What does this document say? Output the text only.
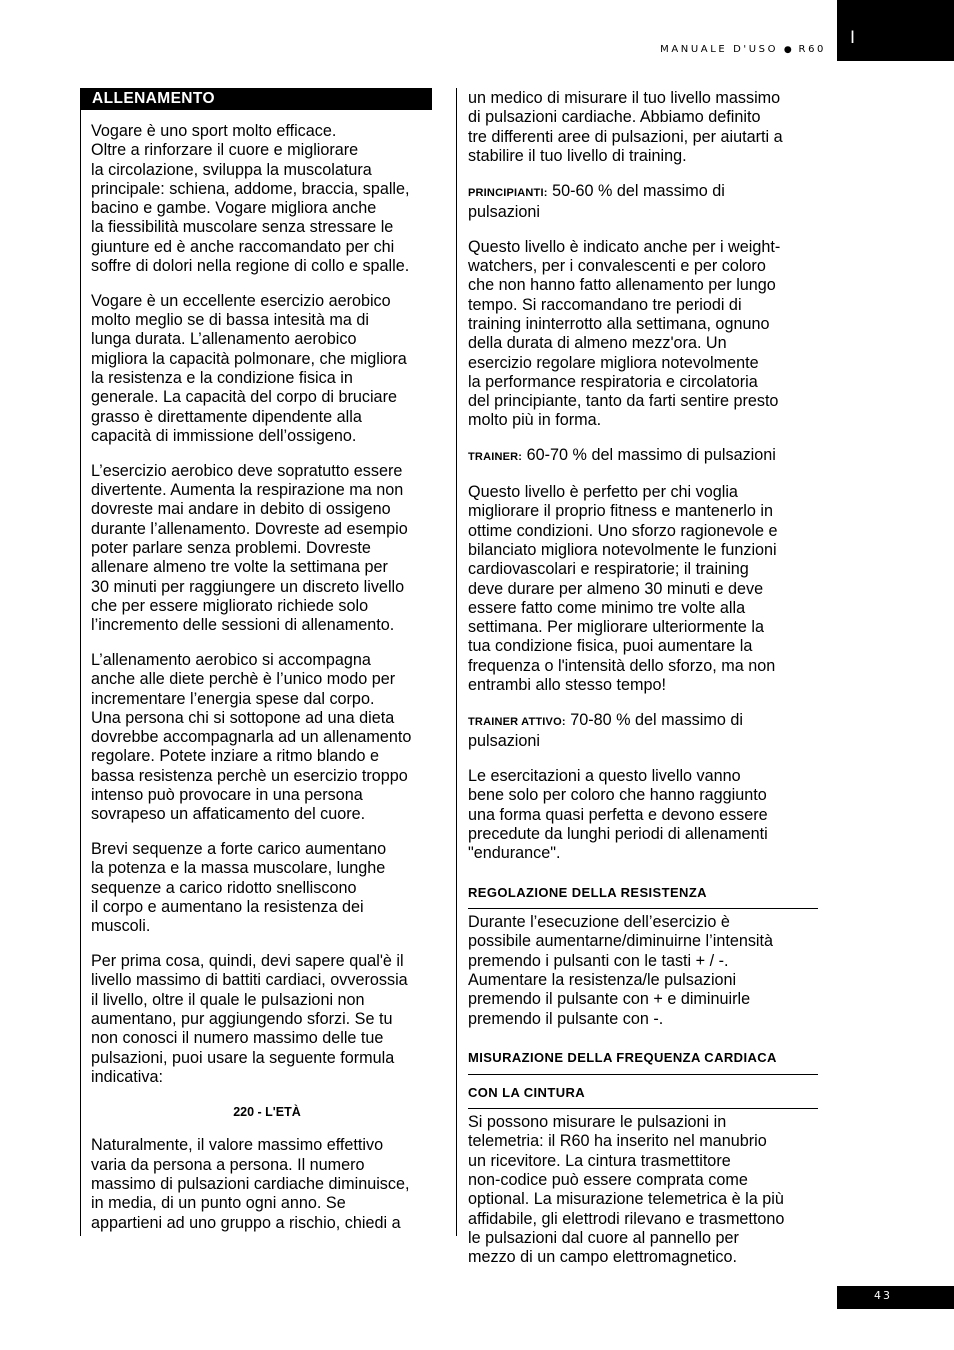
MANUALE D'USO ● R60
I
ALLENAMENTO

Vogare è uno sport molto efficace.
Oltre a rinforzare il cuore e migliorare
la circolazione, sviluppa la muscolatura
principale: schiena, addome, braccia, spalle,
bacino e gambe. Vogare migliora anche
la fiessibilità muscolare senza stressare le
giunture ed è anche raccomandato per chi
soffre di dolori nella regione di collo e spalle.

Vogare è un eccellente esercizio aerobico
molto meglio se di bassa intesità ma di
lunga durata. L’allenamento aerobico
migliora la capacità polmonare, che migliora
la resistenza e la condizione fisica in
generale. La capacità del corpo di bruciare
grasso è direttamente dipendente alla
capacità di immissione dell’ossigeno.

L’esercizio aerobico deve sopratutto essere
divertente. Aumenta la respirazione ma non
dovreste mai andare in debito di ossigeno
durante l’allenamento. Dovreste ad esempio
poter parlare senza problemi. Dovreste
allenare almeno tre volte la settimana per
30 minuti per raggiungere un discreto livello
che per essere migliorato richiede solo
l’incremento delle sessioni di allenamento.

L’allenamento aerobico si accompagna
anche alle diete perchè è l’unico modo per
incrementare l’energia spese dal corpo.
Una persona chi si sottopone ad una dieta
dovrebbe accompagnarla ad un allenamento
regolare. Potete inziare a ritmo blando e
bassa resistenza perchè un esercizio troppo
intenso può provocare in una persona
sovrapeso un affaticamento del cuore.

Brevi sequenze a forte carico aumentano
la potenza e la massa muscolare, lunghe
sequenze a carico ridotto snelliscono
il corpo e aumentano la resistenza dei
muscoli.

Per prima cosa, quindi, devi sapere qual'è il
livello massimo di battiti cardiaci, ovverossia
il livello, oltre il quale le pulsazioni non
aumentano, pur aggiungendo sforzi. Se tu
non conosci il numero massimo delle tue
pulsazioni, puoi usare la seguente formula
indicativa:

220 - L'ETÀ

Naturalmente, il valore massimo effettivo
varia da persona a persona. Il numero
massimo di pulsazioni cardiache diminuisce,
in media, di un punto ogni anno. Se
appartieni ad uno gruppo a rischio, chiedi a

un medico di misurare il tuo livello massimo
di pulsazioni cardiache. Abbiamo definito
tre differenti aree di pulsazioni, per aiutarti a
stabilire il tuo livello di training.

PRINCIPIANTI: 50-60 % del massimo di
pulsazioni

Questo livello è indicato anche per i weight-
watchers, per i convalescenti e per coloro
che non hanno fatto allenamento per lungo
tempo. Si raccomandano tre periodi di
training ininterrotto alla settimana, ognuno
della durata di almeno mezz'ora. Un
esercizio regolare migliora notevolmente
la performance respiratoria e circolatoria
del principiante, tanto da farti sentire presto
molto più in forma.

TRAINER: 60-70 % del massimo di pulsazioni

Questo livello è perfetto per chi voglia
migliorare il proprio fitness e mantenerlo in
ottime condizioni. Uno sforzo ragionevole e
bilanciato migliora notevolmente le funzioni
cardiovascolari e respiratorie; il training
deve durare per almeno 30 minuti e deve
essere fatto come minimo tre volte alla
settimana. Per migliorare ulteriormente la
tua condizione fisica, puoi aumentare la
frequenza o l'intensità dello sforzo, ma non
entrambi allo stesso tempo!

TRAINER ATTIVO: 70-80 % del massimo di
pulsazioni

Le esercitazioni a questo livello vanno
bene solo per coloro che hanno raggiunto
una forma quasi perfetta e devono essere
precedute da lunghi periodi di allenamenti
"endurance".

REGOLAZIONE DELLA RESISTENZA

Durante l’esecuzione dell’esercizio è
possibile aumentarne/diminuirne l’intensità
premendo i pulsanti con le tasti + / -.
Aumentare la resistenza/le pulsazioni
premendo il pulsante con + e diminuirle
premendo il pulsante con -.

MISURAZIONE DELLA FREQUENZA CARDIACA
CON LA CINTURA

Si possono misurare le pulsazioni in
telemetria: il R60 ha inserito nel manubrio
un ricevitore. La cintura trasmettitore
non-codice può essere comprata come
optional. La misurazione telemetrica è la più
affidabile, gli elettrodi rilevano e trasmettono
le pulsazioni dal cuore al pannello per
mezzo di un campo elettromagnetico.

43
